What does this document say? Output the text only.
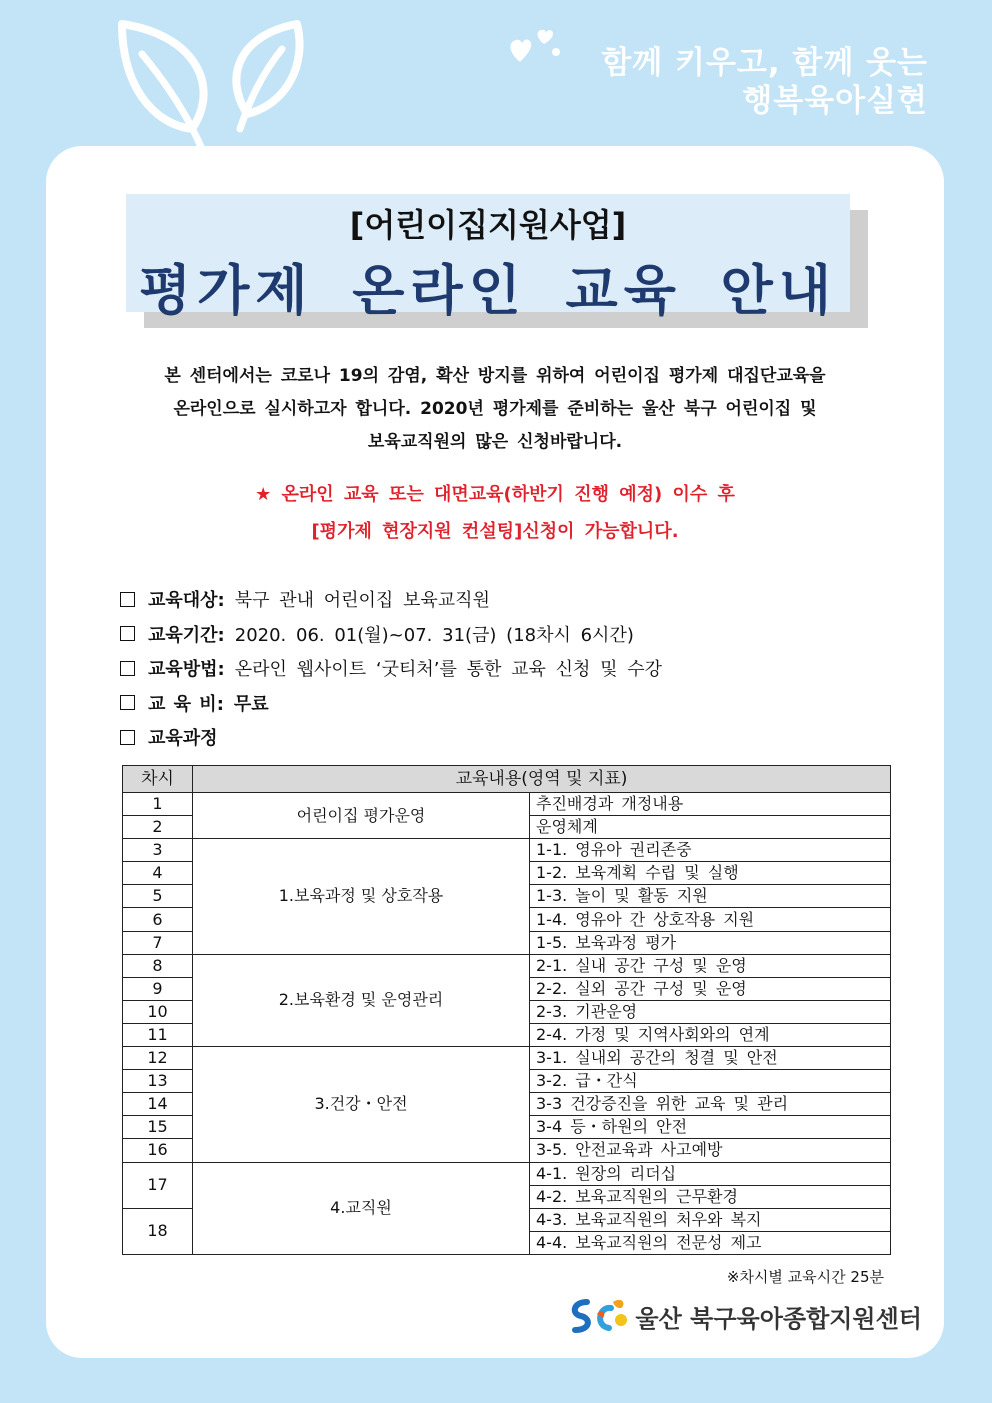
함께 키우고, 함께 웃는
행복육아실현
[어린이집지원사업]
평가제 온라인 교육 안내
본 센터에서는 코로나 19의 감염, 확산 방지를 위하여 어린이집 평가제 대집단교육을
온라인으로 실시하고자 합니다. 2020년 평가제를 준비하는 울산 북구 어린이집 및
보육교직원의 많은 신청바랍니다.
★ 온라인 교육 또는 대면교육(하반기 진행 예정) 이수 후
[평가제 현장지원 컨설팅]신청이 가능합니다.
교육대상: 북구 관내 어린이집 보육교직원
교육기간: 2020. 06. 01(월)~07. 31(금) (18차시 6시간)
교육방법: 온라인 웹사이트 ‘굿티처’를 통한 교육 신청 및 수강
교 육 비: 무료
교육과정
차시	교육내용(영역 및 지표)	
1	어린이집 평가운영	추진배경과 개정내용
2		운영체계
3	1.보육과정 및 상호작용	1-1. 영유아 권리존중
4		1-2. 보육계획 수립 및 실행
5		1-3. 놀이 및 활동 지원
6		1-4. 영유아 간 상호작용 지원
7		1-5. 보육과정 평가
8	2.보육환경 및 운영관리	2-1. 실내 공간 구성 및 운영
9		2-2. 실외 공간 구성 및 운영
10		2-3. 기관운영
11		2-4. 가정 및 지역사회와의 연계
12	3.건강・안전	3-1. 실내외 공간의 청결 및 안전
13		3-2. 급・간식
14		3-3 건강증진을 위한 교육 및 관리
15		3-4 등・하원의 안전
16		3-5. 안전교육과 사고예방
17	4.교직원	4-1. 원장의 리더십
		4-2. 보육교직원의 근무환경
18		4-3. 보육교직원의 처우와 복지
		4-4. 보육교직원의 전문성 제고
※차시별 교육시간 25분
울산 북구육아종합지원센터
